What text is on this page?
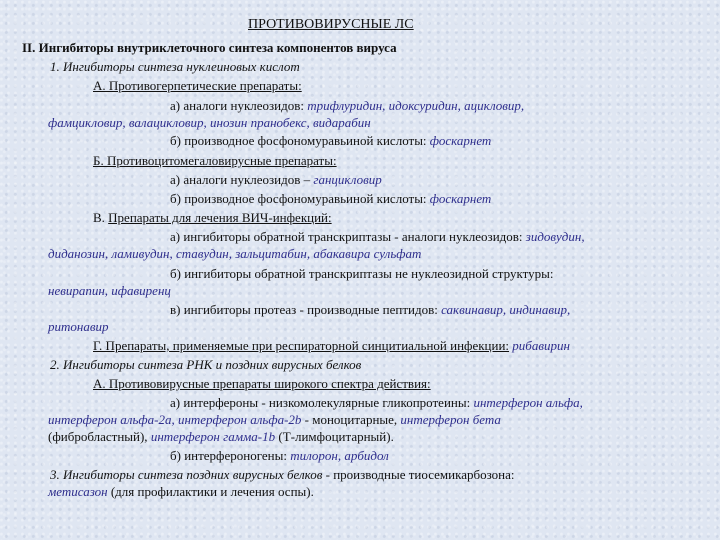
ПРОТИВОВИРУСНЫЕ ЛС
II. Ингибиторы внутриклеточного синтеза компонентов вируса
1. Ингибиторы синтеза нуклеиновых кислот
А. Противогерпетические препараты:
а) аналоги нуклеозидов: трифлуридин, идоксуридин, ацикловир,
фамцикловир, валацикловир, инозин пранобекс, видарабин
б) производное фосфономуравьиной кислоты: фоскарнет
Б. Противоцитомегаловирусные препараты:
а) аналоги нуклеозидов – ганцикловир
б) производное фосфономуравьиной кислоты: фоскарнет
В. Препараты для лечения ВИЧ-инфекций:
а) ингибиторы обратной транскриптазы - аналоги нуклеозидов: зидовудин,
диданозин, ламивудин, ставудин, зальцитабин, абакавира сульфат
б) ингибиторы обратной транскриптазы не нуклеозидной структуры:
невирапин, ифавиренц
в) ингибиторы протеаз - производные пептидов: саквинавир, индинавир,
ритонавир
Г. Препараты, применяемые при респираторной синцитиальной инфекции: рибавирин
2. Ингибиторы синтеза РНК и поздних вирусных белков
А. Противовирусные препараты широкого спектра действия:
а) интерфероны - низкомолекулярные гликопротеины: интерферон альфа,
интерферон альфа-2а, интерферон альфа-2b - моноцитарные, интерферон бета
(фибробластный), интерферон гамма-1b (Т-лимфоцитарный).
б) интерфероногены: тилорон, арбидол
3. Ингибиторы синтеза поздних вирусных белков - производные тиосемикарбозона:
метисазон (для профилактики и лечения оспы).
